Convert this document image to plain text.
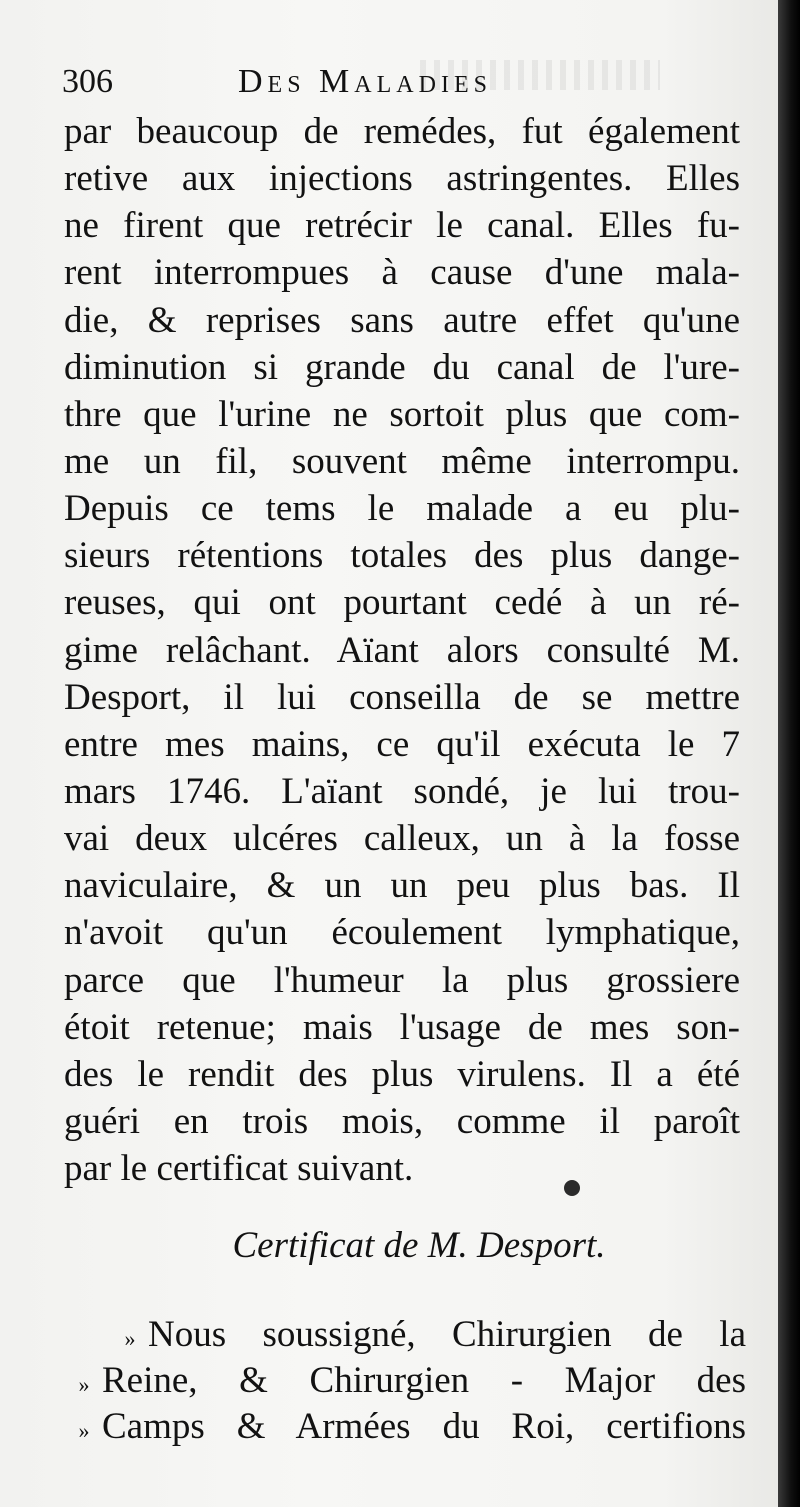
306	Des Maladies
par beaucoup de remédes, fut également
retive aux injections astringentes. Elles
ne firent que retrécir le canal. Elles fu-
rent interrompues à cause d'une mala-
die, & reprises sans autre effet qu'une
diminution si grande du canal de l'ure-
thre que l'urine ne sortoit plus que com-
me un fil, souvent même interrompu.
Depuis ce tems le malade a eu plu-
sieurs rétentions totales des plus dange-
reuses, qui ont pourtant cedé à un ré-
gime relâchant. Aïant alors consulté M.
Desport, il lui conseilla de se mettre
entre mes mains, ce qu'il exécuta le 7
mars 1746. L'aïant sondé, je lui trou-
vai deux ulcéres calleux, un à la fosse
naviculaire, & un un peu plus bas. Il
n'avoit qu'un écoulement lymphatique,
parce que l'humeur la plus grossiere
étoit retenue; mais l'usage de mes son-
des le rendit des plus virulens. Il a été
guéri en trois mois, comme il paroît
par le certificat suivant.
Certificat de M. Desport.
» Nous soussigné, Chirurgien de la
» Reine, & Chirurgien - Major des
» Camps & Armées du Roi, certifions
